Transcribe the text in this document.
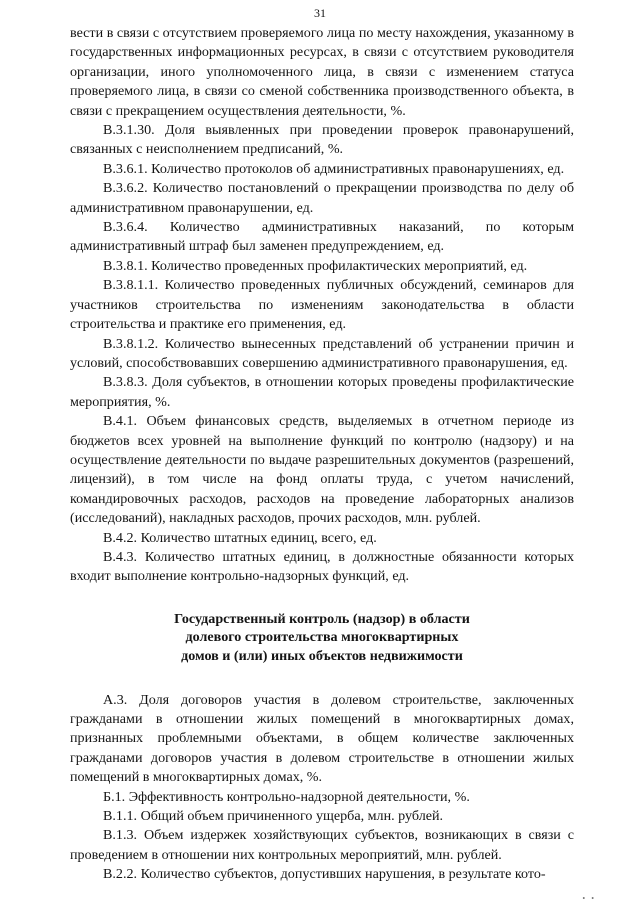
31

вести в связи с отсутствием проверяемого лица по месту нахождения, указанному в государственных информационных ресурсах, в связи с отсутствием руководителя организации, иного уполномоченного лица, в связи с изменением статуса проверяемого лица, в связи со сменой собственника производственного объекта, в связи с прекращением осуществления деятельности, %.

В.3.1.30. Доля выявленных при проведении проверок правонарушений, связанных с неисполнением предписаний, %.

В.3.6.1. Количество протоколов об административных правонарушениях, ед.

В.3.6.2. Количество постановлений о прекращении производства по делу об административном правонарушении, ед.

В.3.6.4. Количество административных наказаний, по которым административный штраф был заменен предупреждением, ед.

В.3.8.1. Количество проведенных профилактических мероприятий, ед.

В.3.8.1.1. Количество проведенных публичных обсуждений, семинаров для участников строительства по изменениям законодательства в области строительства и практике его применения, ед.

В.3.8.1.2. Количество вынесенных представлений об устранении причин и условий, способствовавших совершению административного правонарушения, ед.

В.3.8.3. Доля субъектов, в отношении которых проведены профилактические мероприятия, %.

В.4.1. Объем финансовых средств, выделяемых в отчетном периоде из бюджетов всех уровней на выполнение функций по контролю (надзору) и на осуществление деятельности по выдаче разрешительных документов (разрешений, лицензий), в том числе на фонд оплаты труда, с учетом начислений, командировочных расходов, расходов на проведение лабораторных анализов (исследований), накладных расходов, прочих расходов, млн. рублей.

В.4.2. Количество штатных единиц, всего, ед.

В.4.3. Количество штатных единиц, в должностные обязанности которых входит выполнение контрольно-надзорных функций, ед.

Государственный контроль (надзор) в области
долевого строительства многоквартирных
домов и (или) иных объектов недвижимости

А.3. Доля договоров участия в долевом строительстве, заключенных гражданами в отношении жилых помещений в многоквартирных домах, признанных проблемными объектами, в общем количестве заключенных гражданами договоров участия в долевом строительстве в отношении жилых помещений в многоквартирных домах, %.

Б.1. Эффективность контрольно-надзорной деятельности, %.

В.1.1. Общий объем причиненного ущерба, млн. рублей.

В.1.3. Объем издержек хозяйствующих субъектов, возникающих в связи с проведением в отношении них контрольных мероприятий, млн. рублей.

В.2.2. Количество субъектов, допустивших нарушения, в результате кото-

• •
